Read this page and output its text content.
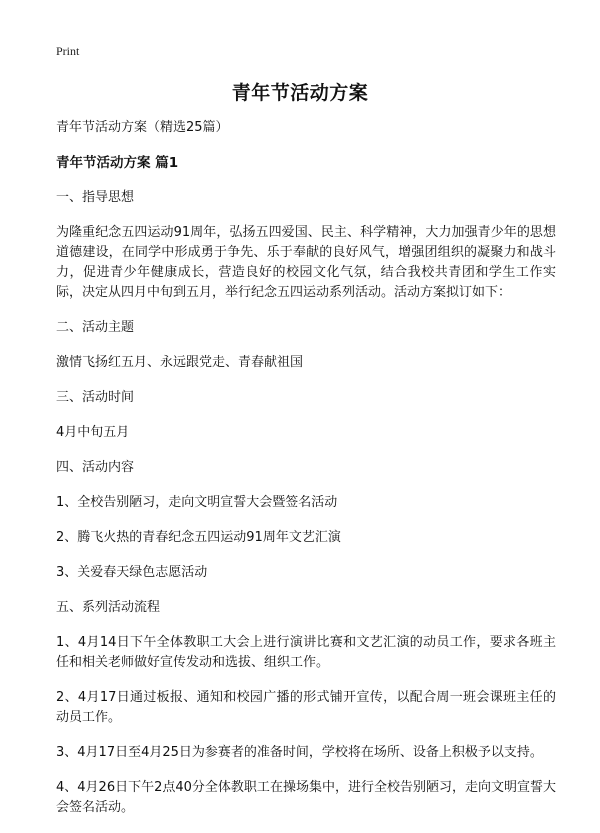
Print
青年节活动方案

青年节活动方案（精选25篇）

青年节活动方案 篇1

一、指导思想

为隆重纪念五四运动91周年，弘扬五四爱国、民主、科学精神，大力加强青少年的思想道德建设，在同学中形成勇于争先、乐于奉献的良好风气，增强团组织的凝聚力和战斗力，促进青少年健康成长，营造良好的校园文化气氛，结合我校共青团和学生工作实际，决定从四月中旬到五月，举行纪念五四运动系列活动。活动方案拟订如下：

二、活动主题

激情飞扬红五月、永远跟党走、青春献祖国

三、活动时间

4月中旬五月

四、活动内容

1、全校告别陋习，走向文明宣誓大会暨签名活动

2、腾飞火热的青春纪念五四运动91周年文艺汇演

3、关爱春天绿色志愿活动

五、系列活动流程

1、4月14日下午全体教职工大会上进行演讲比赛和文艺汇演的动员工作，要求各班主任和相关老师做好宣传发动和选拔、组织工作。

2、4月17日通过板报、通知和校园广播的形式铺开宣传，以配合周一班会课班主任的动员工作。

3、4月17日至4月25日为参赛者的准备时间，学校将在场所、设备上积极予以支持。

4、4月26日下午2点40分全体教职工在操场集中，进行全校告别陋习，走向文明宣誓大会签名活动。
